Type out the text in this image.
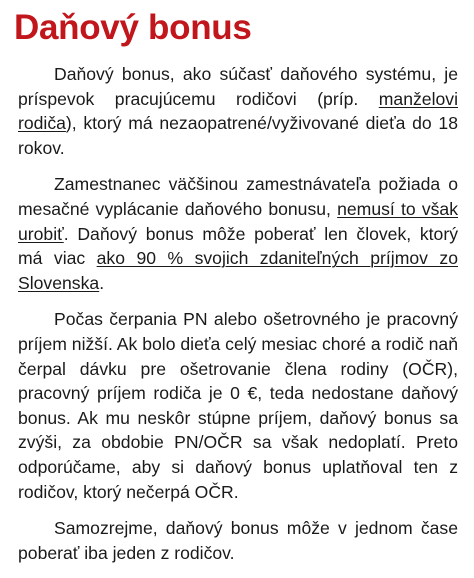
Daňový bonus

Daňový bonus, ako súčasť daňového systému, je príspevok pracujúcemu rodičovi (príp. manželovi rodiča), ktorý má nezaopatrené/vyživované dieťa do 18 rokov.

Zamestnanec väčšinou zamestnávateľa požiada o mesačné vyplácanie daňového bonusu, nemusí to však urobiť. Daňový bonus môže poberať len človek, ktorý má viac ako 90 % svojich zdaniteľných príjmov zo Slovenska.

Počas čerpania PN alebo ošetrovného je pracovný príjem nižší. Ak bolo dieťa celý mesiac choré a rodič naň čerpal dávku pre ošetrovanie člena rodiny (OČR), pracovný príjem rodiča je 0 €, teda nedostane daňový bonus. Ak mu neskôr stúpne príjem, daňový bonus sa zvýši, za obdobie PN/OČR sa však nedoplatí. Preto odporúčame, aby si daňový bonus uplatňoval ten z rodičov, ktorý nečerpá OČR.

Samozrejme, daňový bonus môže v jednom čase poberať iba jeden z rodičov.
